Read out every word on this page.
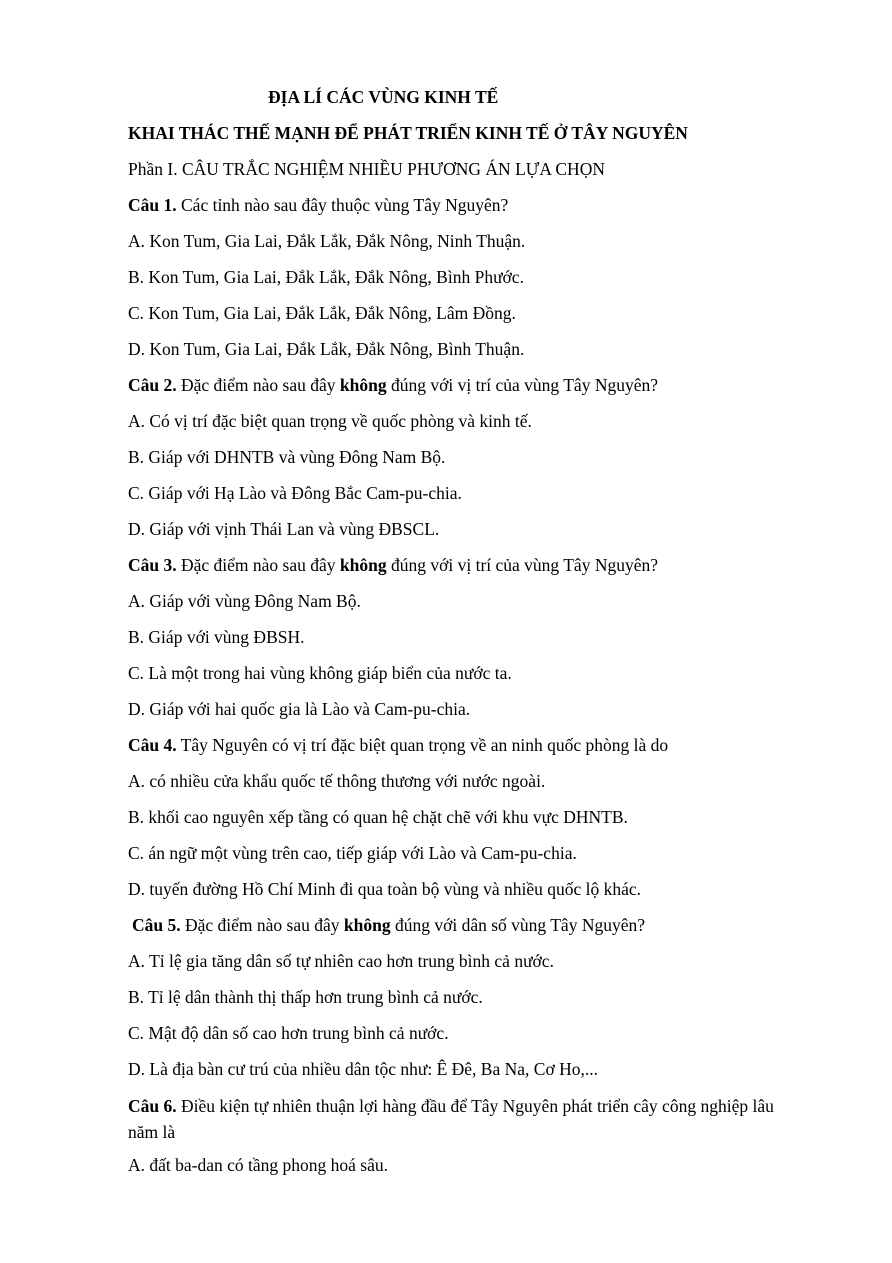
ĐỊA LÍ CÁC VÙNG KINH TẾ
KHAI THÁC THẾ MẠNH ĐỂ PHÁT TRIỂN KINH TẾ Ở TÂY NGUYÊN
Phần I. CÂU TRẮC NGHIỆM NHIỀU PHƯƠNG ÁN LỰA CHỌN
Câu 1. Các tỉnh nào sau đây thuộc vùng Tây Nguyên?
A. Kon Tum, Gia Lai, Đắk Lắk, Đắk Nông, Ninh Thuận.
B. Kon Tum, Gia Lai, Đắk Lắk, Đắk Nông, Bình Phước.
C. Kon Tum, Gia Lai, Đắk Lắk, Đắk Nông, Lâm Đồng.
D. Kon Tum, Gia Lai, Đắk Lắk, Đắk Nông, Bình Thuận.
Câu 2. Đặc điểm nào sau đây không đúng với vị trí của vùng Tây Nguyên?
A. Có vị trí đặc biệt quan trọng về quốc phòng và kinh tế.
B. Giáp với DHNTB và vùng Đông Nam Bộ.
C. Giáp với Hạ Lào và Đông Bắc Cam-pu-chia.
D. Giáp với vịnh Thái Lan và vùng ĐBSCL.
Câu 3. Đặc điểm nào sau đây không đúng với vị trí của vùng Tây Nguyên?
A. Giáp với vùng Đông Nam Bộ.
B. Giáp với vùng ĐBSH.
C. Là một trong hai vùng không giáp biển của nước ta.
D. Giáp với hai quốc gia là Lào và Cam-pu-chia.
Câu 4. Tây Nguyên có vị trí đặc biệt quan trọng về an ninh quốc phòng là do
A. có nhiều cửa khẩu quốc tế thông thương với nước ngoài.
B. khối cao nguyên xếp tầng có quan hệ chặt chẽ với khu vực DHNTB.
C. án ngữ một vùng trên cao, tiếp giáp với Lào và Cam-pu-chia.
D. tuyến đường Hồ Chí Minh đi qua toàn bộ vùng và nhiều quốc lộ khác.
Câu 5. Đặc điểm nào sau đây không đúng với dân số vùng Tây Nguyên?
A. Tỉ lệ gia tăng dân số tự nhiên cao hơn trung bình cả nước.
B. Tỉ lệ dân thành thị thấp hơn trung bình cả nước.
C. Mật độ dân số cao hơn trung bình cả nước.
D. Là địa bàn cư trú của nhiều dân tộc như: Ê Đê, Ba Na, Cơ Ho,...
Câu 6. Điều kiện tự nhiên thuận lợi hàng đầu để Tây Nguyên phát triển cây công nghiệp lâu năm là
A. đất ba-dan có tầng phong hoá sâu.
